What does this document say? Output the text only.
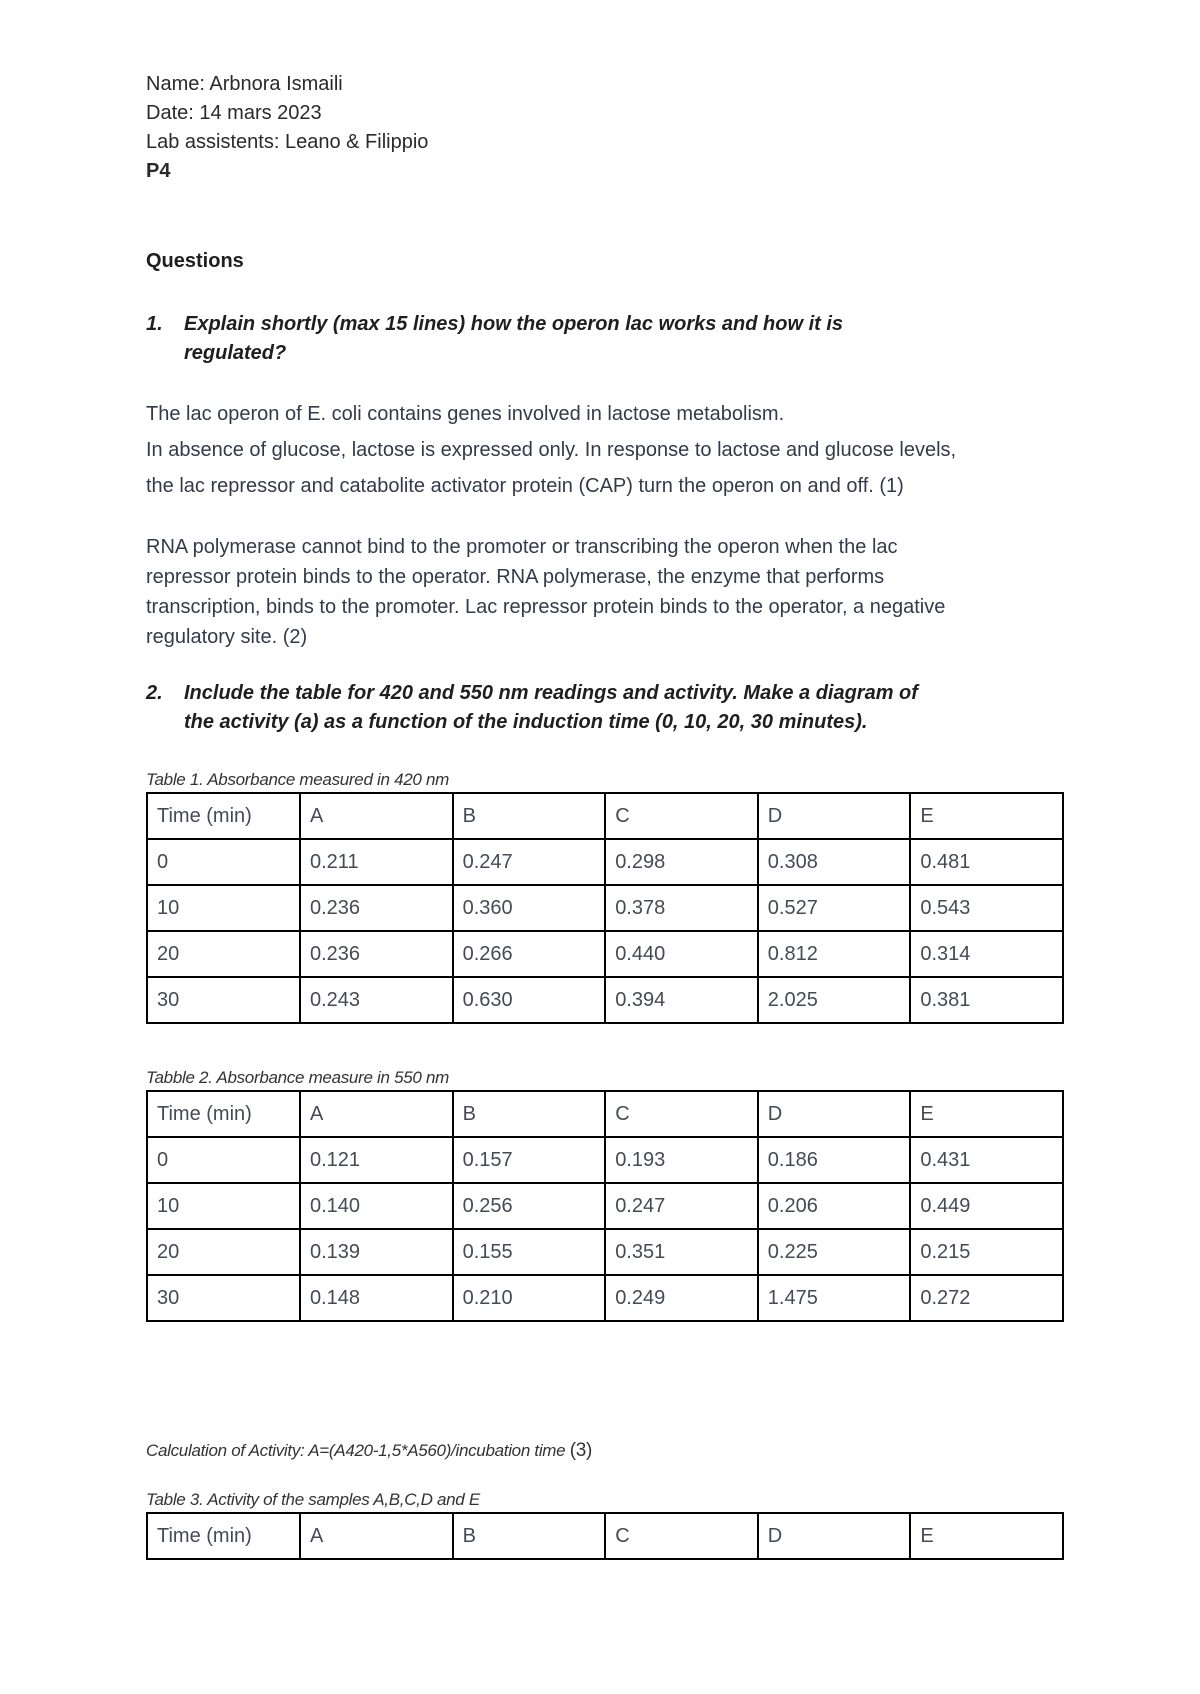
Name: Arbnora Ismaili

Date: 14 mars 2023

Lab assistents: Leano & Filippio

P4

Questions

1. Explain shortly (max 15 lines) how the operon lac works and how it is
regulated?

The lac operon of E. coli contains genes involved in lactose metabolism.

In absence of glucose, lactose is expressed only. In response to lactose and glucose levels,

the lac repressor and catabolite activator protein (CAP) turn the operon on and off. (1)

RNA polymerase cannot bind to the promoter or transcribing the operon when the lac

repressor protein binds to the operator. RNA polymerase, the enzyme that performs

transcription, binds to the promoter. Lac repressor protein binds to the operator, a negative

regulatory site. (2)

2. Include the table for 420 and 550 nm readings and activity. Make a diagram of
the activity (a) as a function of the induction time (0, 10, 20, 30 minutes).
Table 1. Absorbance measured in 420 nm
Time (min)	A	B	C	D	E
0	0.211	0.247	0.298	0.308	0.481
10	0.236	0.360	0.378	0.527	0.543
20	0.236	0.266	0.440	0.812	0.314
30	0.243	0.630	0.394	2.025	0.381
Tabble 2. Absorbance measure in 550 nm
Time (min)	A	B	C	D	E
0	0.121	0.157	0.193	0.186	0.431
10	0.140	0.256	0.247	0.206	0.449
20	0.139	0.155	0.351	0.225	0.215
30	0.148	0.210	0.249	1.475	0.272
Calculation of Activity: A=(A420-1,5*A560)/incubation time (3)
Table 3. Activity of the samples A,B,C,D and E
Time (min)	A	B	C	D	E
